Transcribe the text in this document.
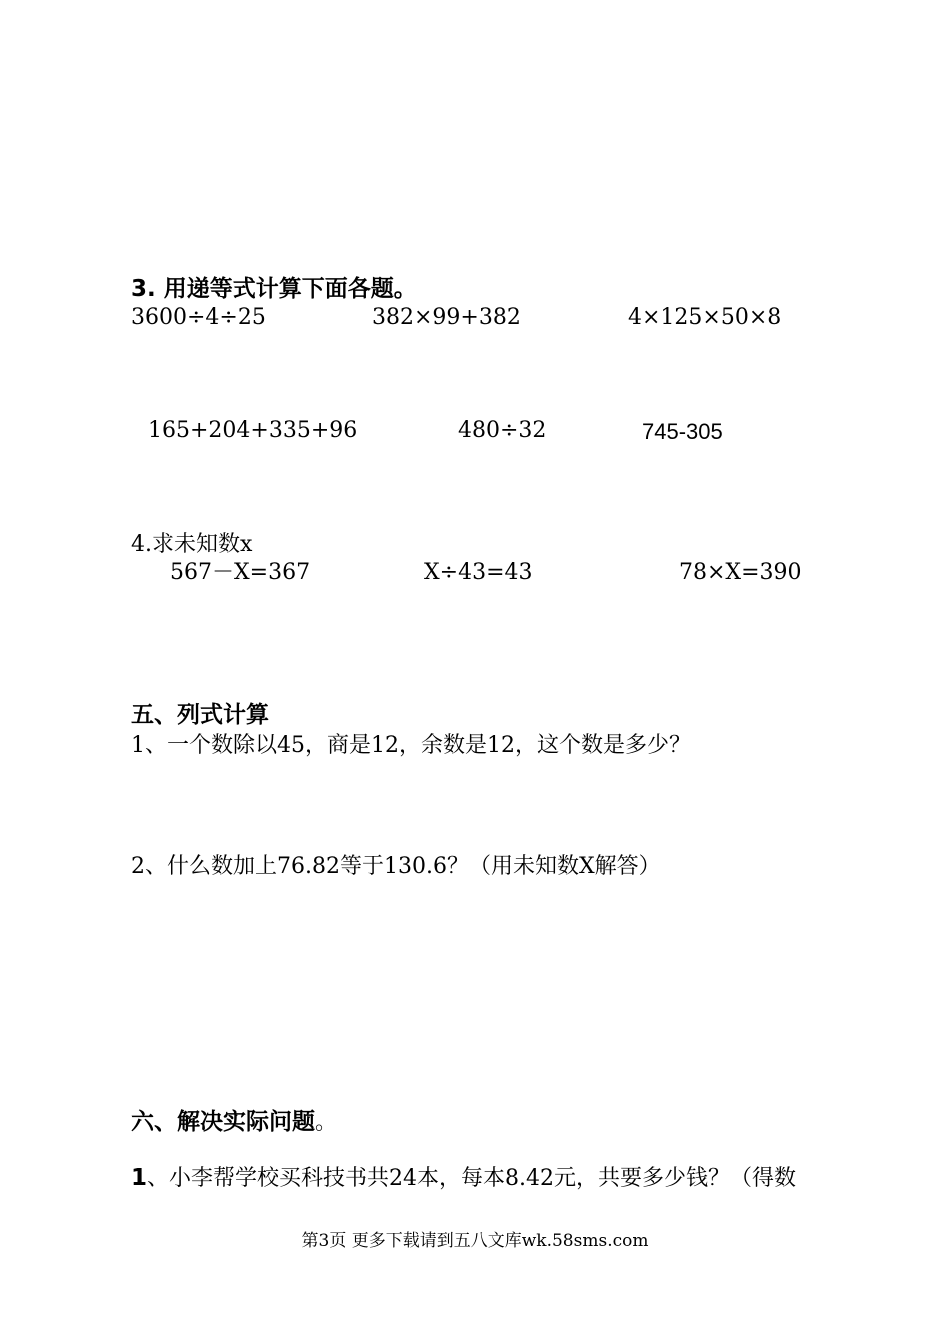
3. 用递等式计算下面各题。
3600÷4÷25	382×99+382	4×125×50×8
165+204+335+96	480÷32	745-305
4.求未知数x
567－X=367	X÷43=43	78×X=390
五、列式计算
1、一个数除以45，商是12，余数是12，这个数是多少？
2、什么数加上76.82等于130.6？（用未知数X解答）
六、解决实际问题。
1、小李帮学校买科技书共24本，每本8.42元，共要多少钱？（得数
第3页 更多下载请到五八文库wk.58sms.com
